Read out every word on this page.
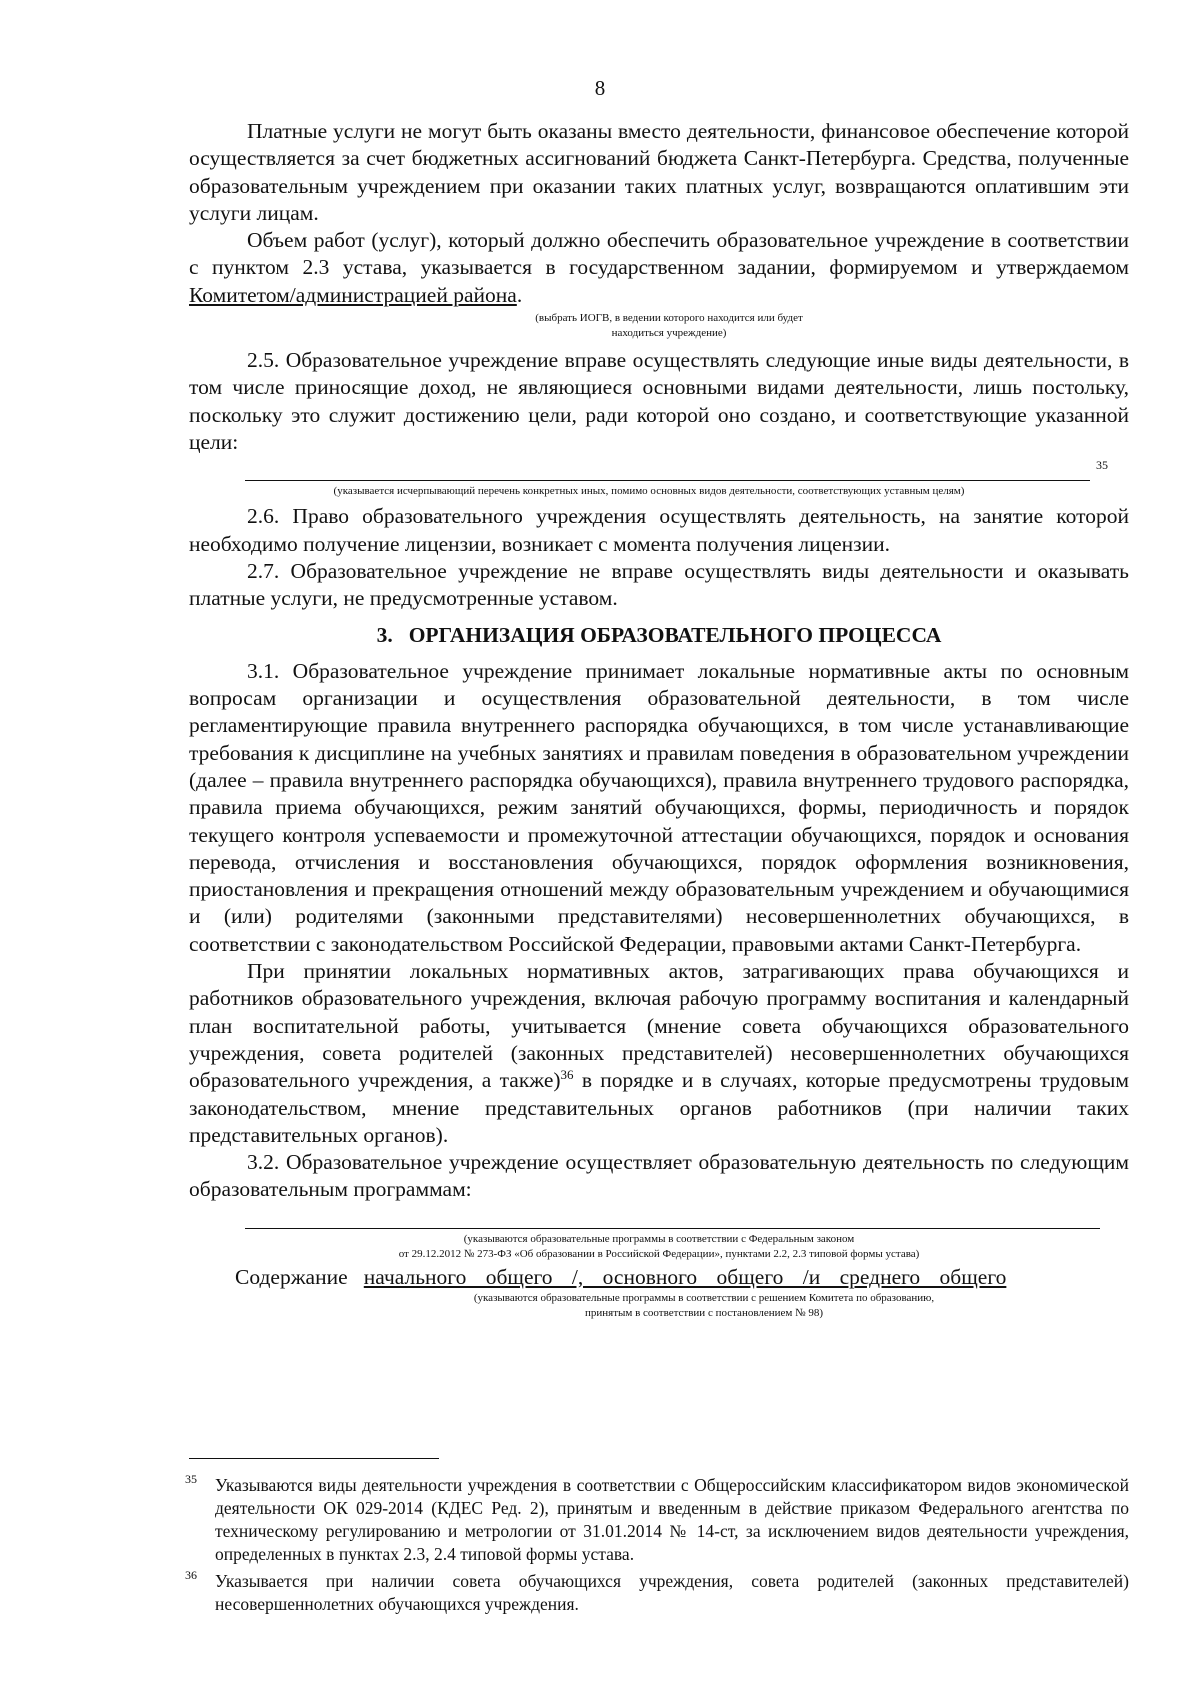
8

Платные услуги не могут быть оказаны вместо деятельности, финансовое обеспечение которой осуществляется за счет бюджетных ассигнований бюджета Санкт-Петербурга. Средства, полученные образовательным учреждением при оказании таких платных услуг, возвращаются оплатившим эти услуги лицам.

Объем работ (услуг), который должно обеспечить образовательное учреждение в соответствии с пунктом 2.3 устава, указывается в государственном задании, формируемом и утверждаемом Комитетом/администрацией района.

(выбрать ИОГВ, в ведении которого находится или будет находиться учреждение)

2.5. Образовательное учреждение вправе осуществлять следующие иные виды деятельности, в том числе приносящие доход, не являющиеся основными видами деятельности, лишь постольку, поскольку это служит достижению цели, ради которой оно создано, и соответствующие указанной цели:

35

(указывается исчерпывающий перечень конкретных иных, помимо основных видов деятельности, соответствующих уставным целям)

2.6. Право образовательного учреждения осуществлять деятельность, на занятие которой необходимо получение лицензии, возникает с момента получения лицензии.

2.7. Образовательное учреждение не вправе осуществлять виды деятельности и оказывать платные услуги, не предусмотренные уставом.

3. ОРГАНИЗАЦИЯ ОБРАЗОВАТЕЛЬНОГО ПРОЦЕССА

3.1. Образовательное учреждение принимает локальные нормативные акты по основным вопросам организации и осуществления образовательной деятельности, в том числе регламентирующие правила внутреннего распорядка обучающихся, в том числе устанавливающие требования к дисциплине на учебных занятиях и правилам поведения в образовательном учреждении (далее – правила внутреннего распорядка обучающихся), правила внутреннего трудового распорядка, правила приема обучающихся, режим занятий обучающихся, формы, периодичность и порядок текущего контроля успеваемости и промежуточной аттестации обучающихся, порядок и основания перевода, отчисления и восстановления обучающихся, порядок оформления возникновения, приостановления и прекращения отношений между образовательным учреждением и обучающимися и (или) родителями (законными представителями) несовершеннолетних обучающихся, в соответствии с законодательством Российской Федерации, правовыми актами Санкт-Петербурга.

При принятии локальных нормативных актов, затрагивающих права обучающихся и работников образовательного учреждения, включая рабочую программу воспитания и календарный план воспитательной работы, учитывается (мнение совета обучающихся образовательного учреждения, совета родителей (законных представителей) несовершеннолетних обучающихся образовательного учреждения, а также)$^{36}$ в порядке и в случаях, которые предусмотрены трудовым законодательством, мнение представительных органов работников (при наличии таких представительных органов).

3.2. Образовательное учреждение осуществляет образовательную деятельность по следующим образовательным программам:

(указываются образовательные программы в соответствии с Федеральным законом

от 29.12.2012 № 273-ФЗ «Об образовании в Российской Федерации», пунктами 2.2, 2.3 типовой формы устава)

Содержание начального общего /, основного общего /и среднего общего

(указываются образовательные программы в соответствии с решением Комитета по образованию,

принятым в соответствии с постановлением № 98)

35 Указываются виды деятельности учреждения в соответствии с Общероссийским классификатором видов экономической деятельности ОК 029-2014 (КДЕС Ред. 2), принятым и введенным в действие приказом Федерального агентства по техническому регулированию и метрологии от 31.01.2014 № 14-ст, за исключением видов деятельности учреждения, определенных в пунктах 2.3, 2.4 типовой формы устава.
36 Указывается при наличии совета обучающихся учреждения, совета родителей (законных представителей) несовершеннолетних обучающихся учреждения.
